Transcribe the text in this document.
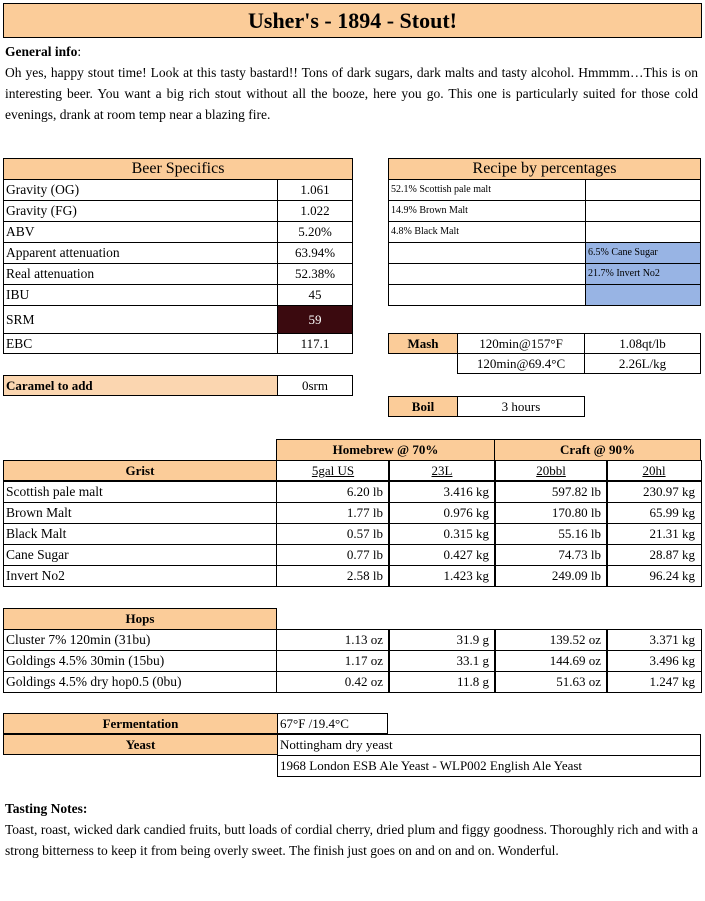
Usher's - 1894 - Stout!

General info:

Oh yes, happy stout time! Look at this tasty bastard!! Tons of dark sugars, dark malts and tasty alcohol. Hmmmm…This is on interesting beer. You want a big rich stout without all the booze, here you go. This one is particularly suited for those cold evenings, drank at room temp near a blazing fire.

Beer Specifics
Gravity (OG)	1.061
Gravity (FG)	1.022
ABV	5.20%
Apparent attenuation	63.94%
Real attenuation	52.38%
IBU	45
SRM	59
EBC	117.1
Caramel to add	0srm
Recipe by percentages
52.1% Scottish pale malt
14.9% Brown Malt
4.8% Black Malt
6.5% Cane Sugar
21.7% Invert No2
Mash	120min@157°F	1.08qt/lb
120min@69.4°C	2.26L/kg
Boil	3 hours
Homebrew @ 70%	Craft @ 90%
Grist	5gal US	23L	20bbl	20hl
Scottish pale malt	6.20 lb	3.416 kg	597.82 lb	230.97 kg
Brown Malt	1.77 lb	0.976 kg	170.80 lb	65.99 kg
Black Malt	0.57 lb	0.315 kg	55.16 lb	21.31 kg
Cane Sugar	0.77 lb	0.427 kg	74.73 lb	28.87 kg
Invert No2	2.58 lb	1.423 kg	249.09 lb	96.24 kg
Hops
Cluster 7% 120min (31bu)	1.13 oz	31.9 g	139.52 oz	3.371 kg
Goldings 4.5% 30min (15bu)	1.17 oz	33.1 g	144.69 oz	3.496 kg
Goldings 4.5% dry hop0.5 (0bu)	0.42 oz	11.8 g	51.63 oz	1.247 kg
Fermentation	67°F /19.4°C
Yeast	Nottingham dry yeast
1968 London ESB Ale Yeast - WLP002 English Ale Yeast

Tasting Notes:

Toast, roast, wicked dark candied fruits, butt loads of cordial cherry, dried plum and figgy goodness. Thoroughly rich and with a strong bitterness to keep it from being overly sweet. The finish just goes on and on and on. Wonderful.
